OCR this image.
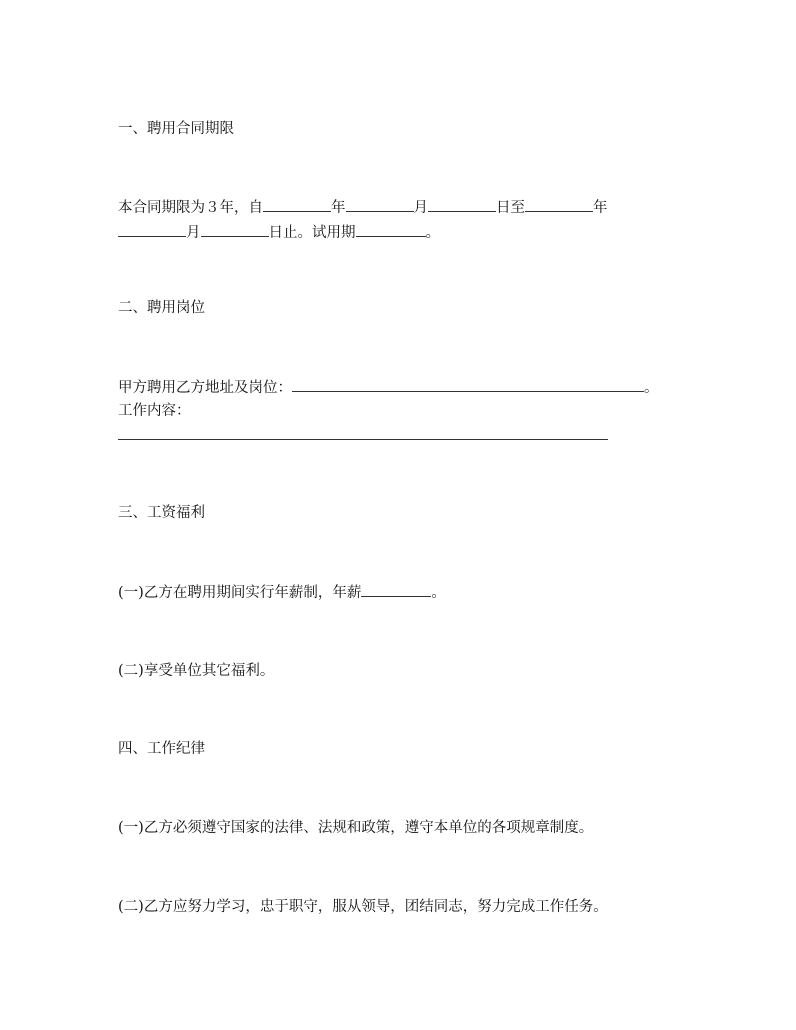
一、聘用合同期限
本合同期限为３年，自	年	月	日至	年
月	日止。试用期	。
二、聘用岗位
甲方聘用乙方地址及岗位：	。
工作内容：
三、工资福利
(一)乙方在聘用期间实行年薪制，年薪	。
(二)享受单位其它福利。
四、工作纪律
(一)乙方必须遵守国家的法律、法规和政策，遵守本单位的各项规章制度。
(二)乙方应努力学习，忠于职守，服从领导，团结同志，努力完成工作任务。
